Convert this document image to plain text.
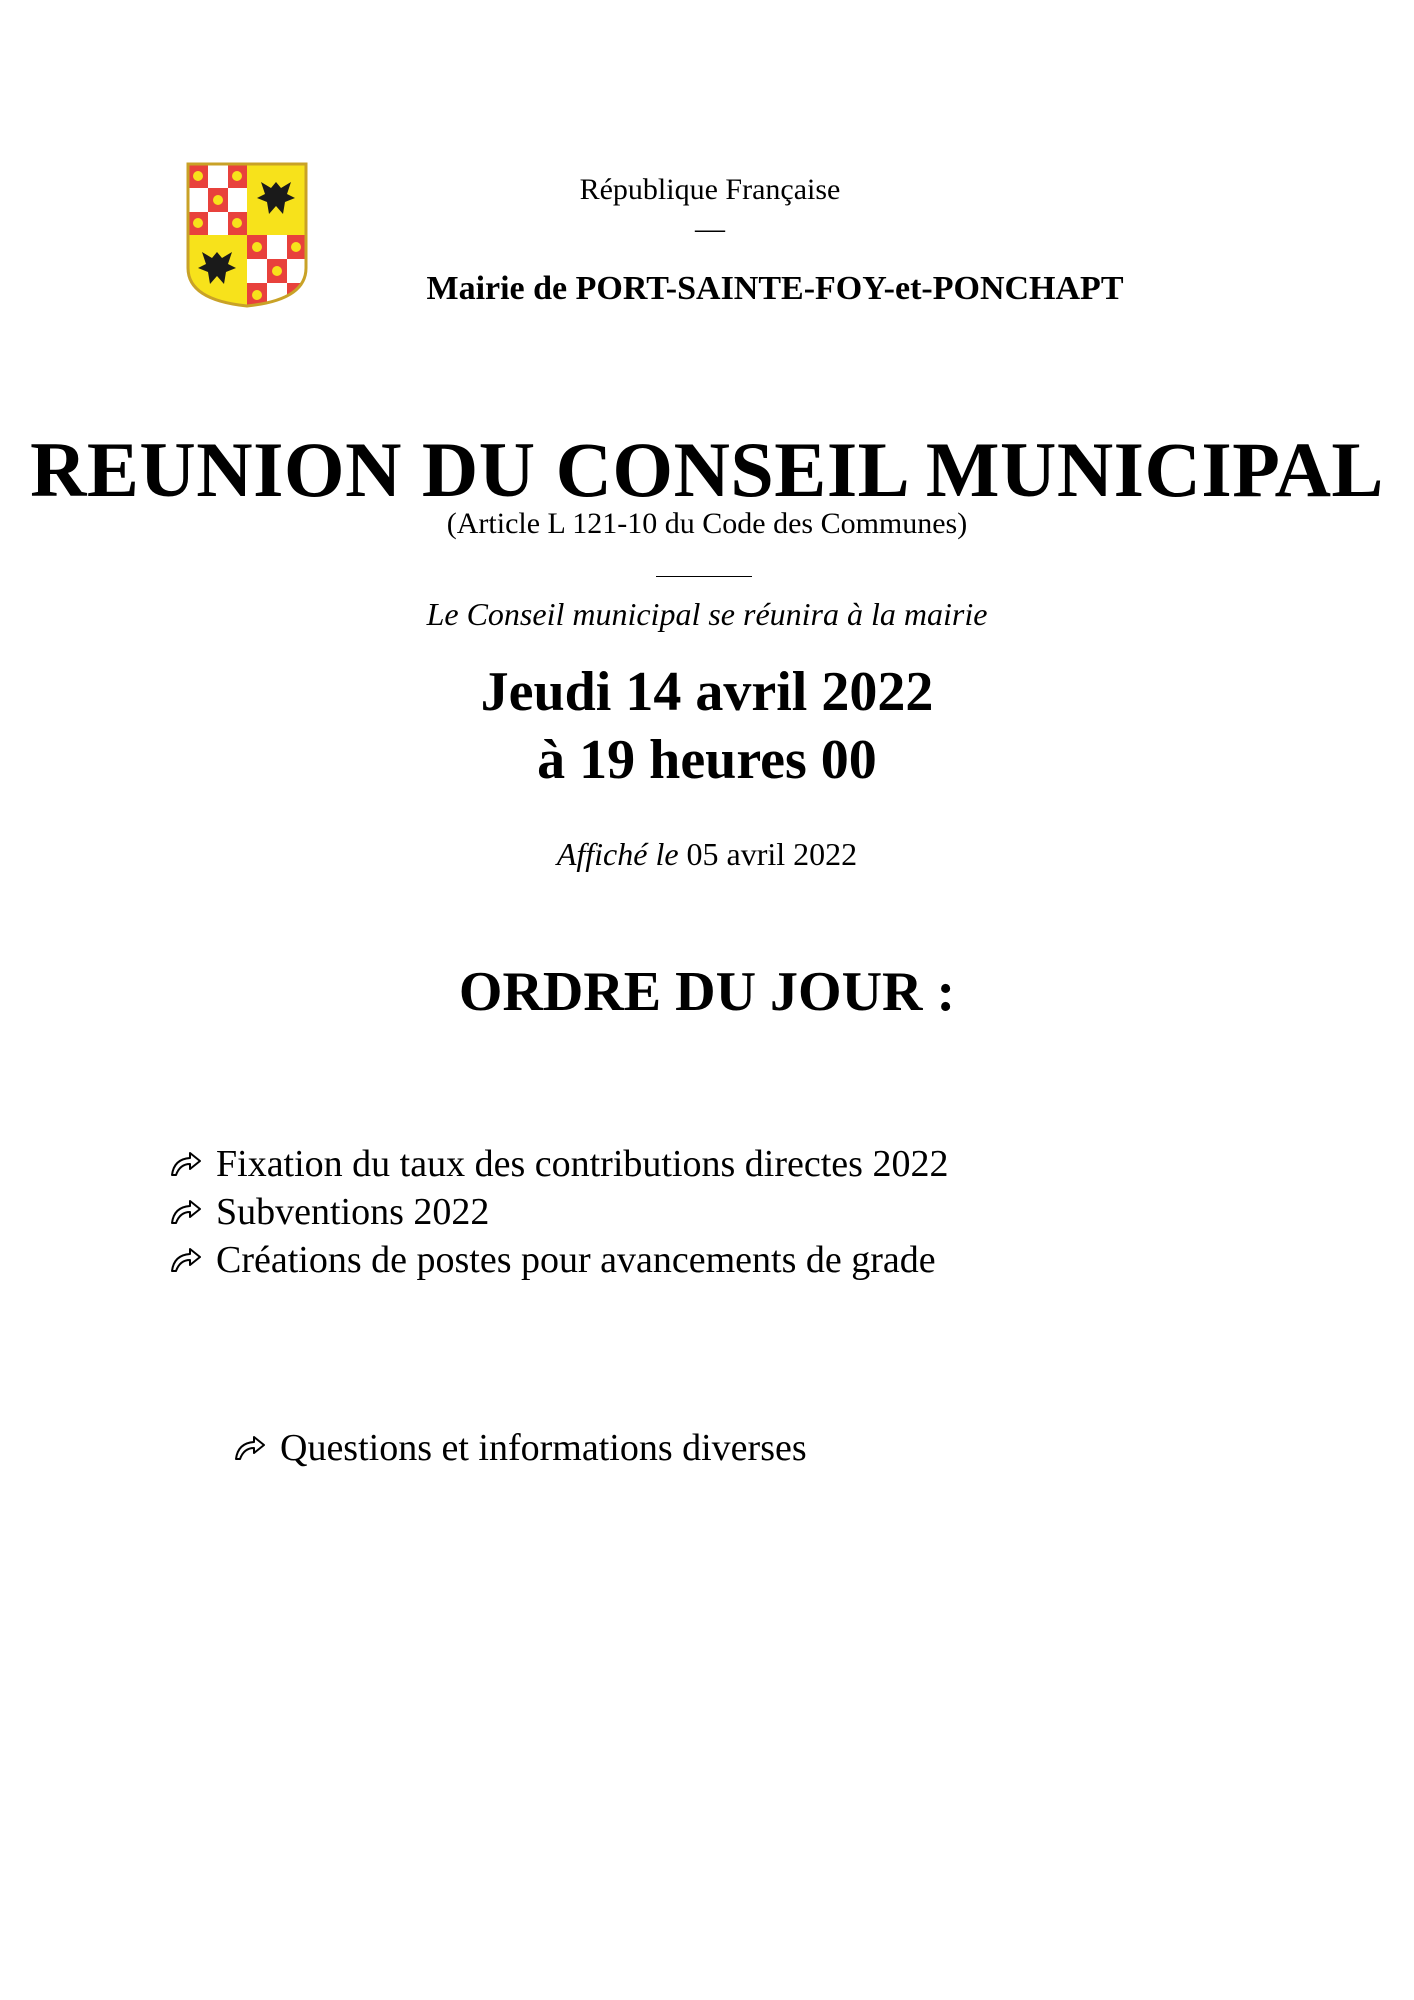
République Française
—
Mairie de PORT-SAINTE-FOY-et-PONCHAPT
REUNION DU CONSEIL MUNICIPAL
(Article L 121-10 du Code des Communes)
Le Conseil municipal se réunira à la mairie
Jeudi 14 avril 2022
à 19 heures 00
Affiché le 05 avril 2022
ORDRE DU JOUR :
Fixation du taux des contributions directes 2022
Subventions 2022
Créations de postes pour avancements de grade
Questions et informations diverses
